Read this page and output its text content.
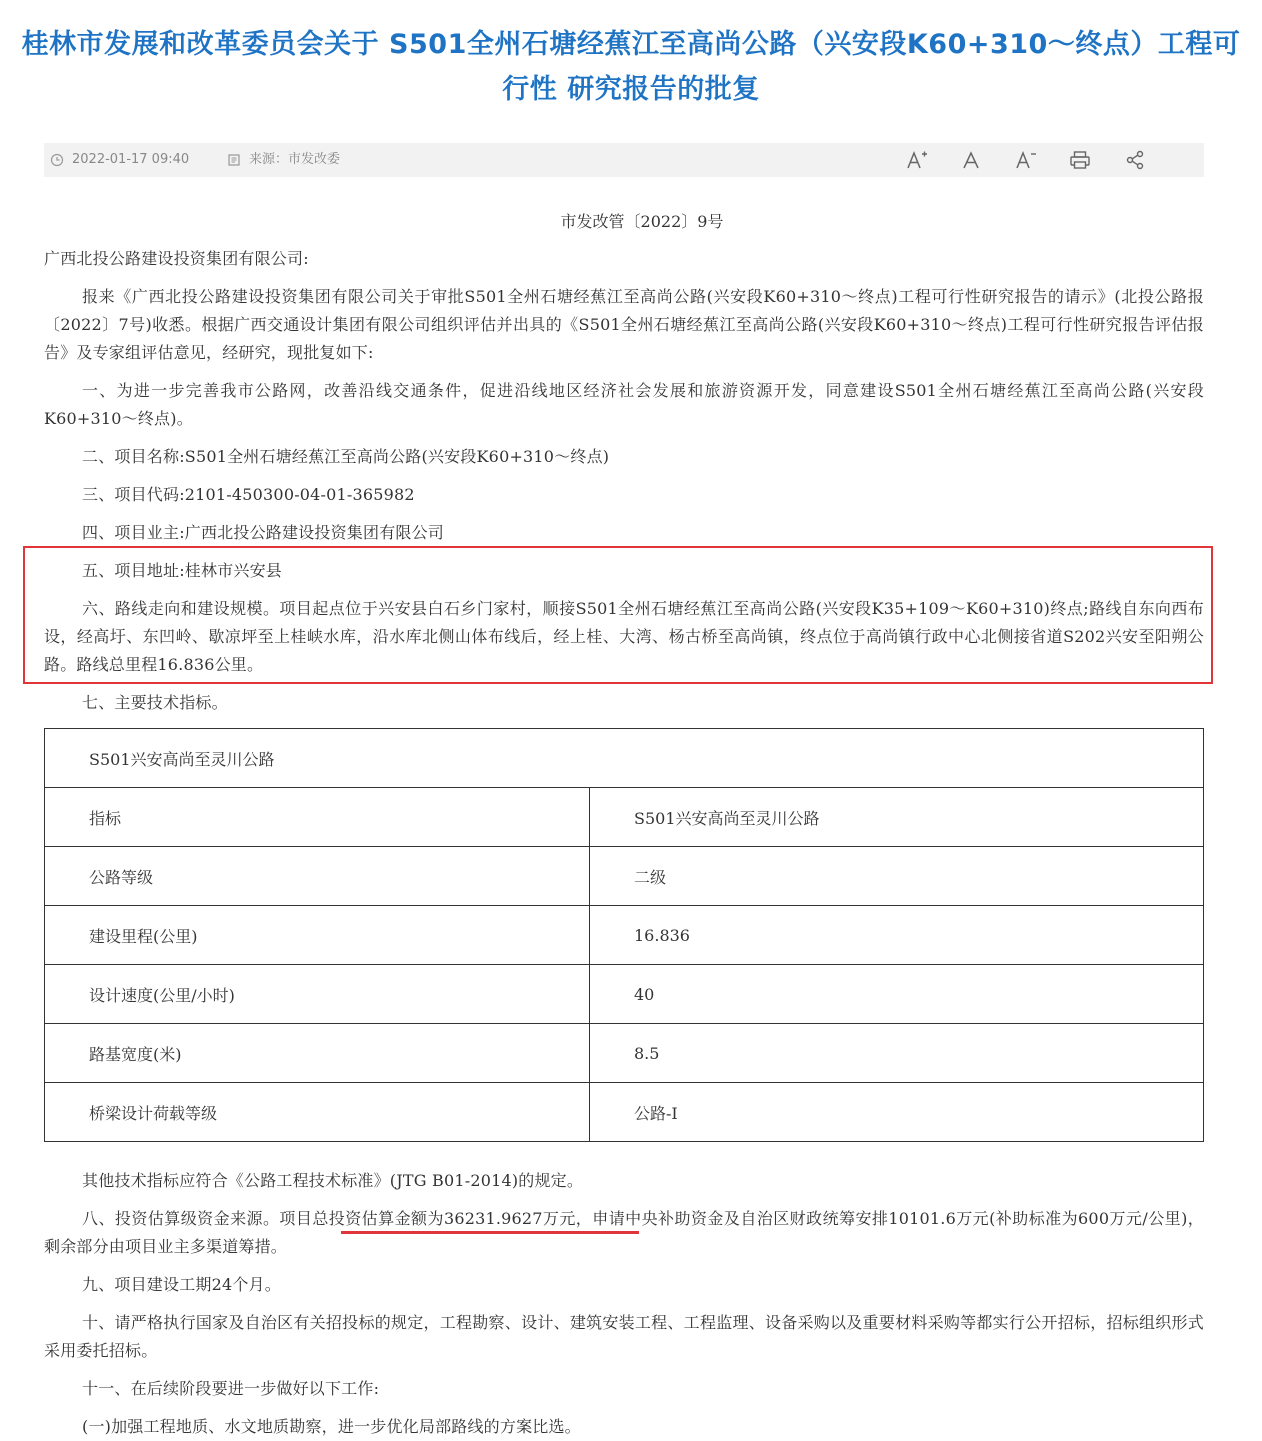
桂林市发展和改革委员会关于 S501全州石塘经蕉江至高尚公路（兴安段K60+310～终点）工程可行性 研究报告的批复
2022-01-17 09:40	来源：市发改委
市发改管〔2022〕9号

广西北投公路建设投资集团有限公司:

报来《广西北投公路建设投资集团有限公司关于审批S501全州石塘经蕉江至高尚公路(兴安段K60+310～终点)工程可行性研究报告的请示》(北投公路报〔2022〕7号)收悉。根据广西交通设计集团有限公司组织评估并出具的《S501全州石塘经蕉江至高尚公路(兴安段K60+310～终点)工程可行性研究报告评估报告》及专家组评估意见，经研究，现批复如下:

一、为进一步完善我市公路网，改善沿线交通条件，促进沿线地区经济社会发展和旅游资源开发，同意建设S501全州石塘经蕉江至高尚公路(兴安段K60+310～终点)。

二、项目名称:S501全州石塘经蕉江至高尚公路(兴安段K60+310～终点)

三、项目代码:2101-450300-04-01-365982

四、项目业主:广西北投公路建设投资集团有限公司

五、项目地址:桂林市兴安县

六、路线走向和建设规模。项目起点位于兴安县白石乡门家村，顺接S501全州石塘经蕉江至高尚公路(兴安段K35+109～K60+310)终点;路线自东向西布设，经高圩、东凹岭、歇凉坪至上桂峡水库，沿水库北侧山体布线后，经上桂、大湾、杨古桥至高尚镇，终点位于高尚镇行政中心北侧接省道S202兴安至阳朔公路。路线总里程16.836公里。

七、主要技术指标。

S501兴安高尚至灵川公路	
指标	S501兴安高尚至灵川公路
公路等级	二级
建设里程(公里)	16.836
设计速度(公里/小时)	40
路基宽度(米)	8.5
桥梁设计荷载等级	公路-Ⅰ

其他技术指标应符合《公路工程技术标准》(JTG B01-2014)的规定。

八、投资估算级资金来源。项目总投资估算金额为36231.9627万元，申请中央补助资金及自治区财政统筹安排10101.6万元(补助标准为600万元/公里)，剩余部分由项目业主多渠道筹措。

九、项目建设工期24个月。

十、请严格执行国家及自治区有关招投标的规定，工程勘察、设计、建筑安装工程、工程监理、设备采购以及重要材料采购等都实行公开招标，招标组织形式采用委托招标。

十一、在后续阶段要进一步做好以下工作:

(一)加强工程地质、水文地质勘察，进一步优化局部路线的方案比选。
